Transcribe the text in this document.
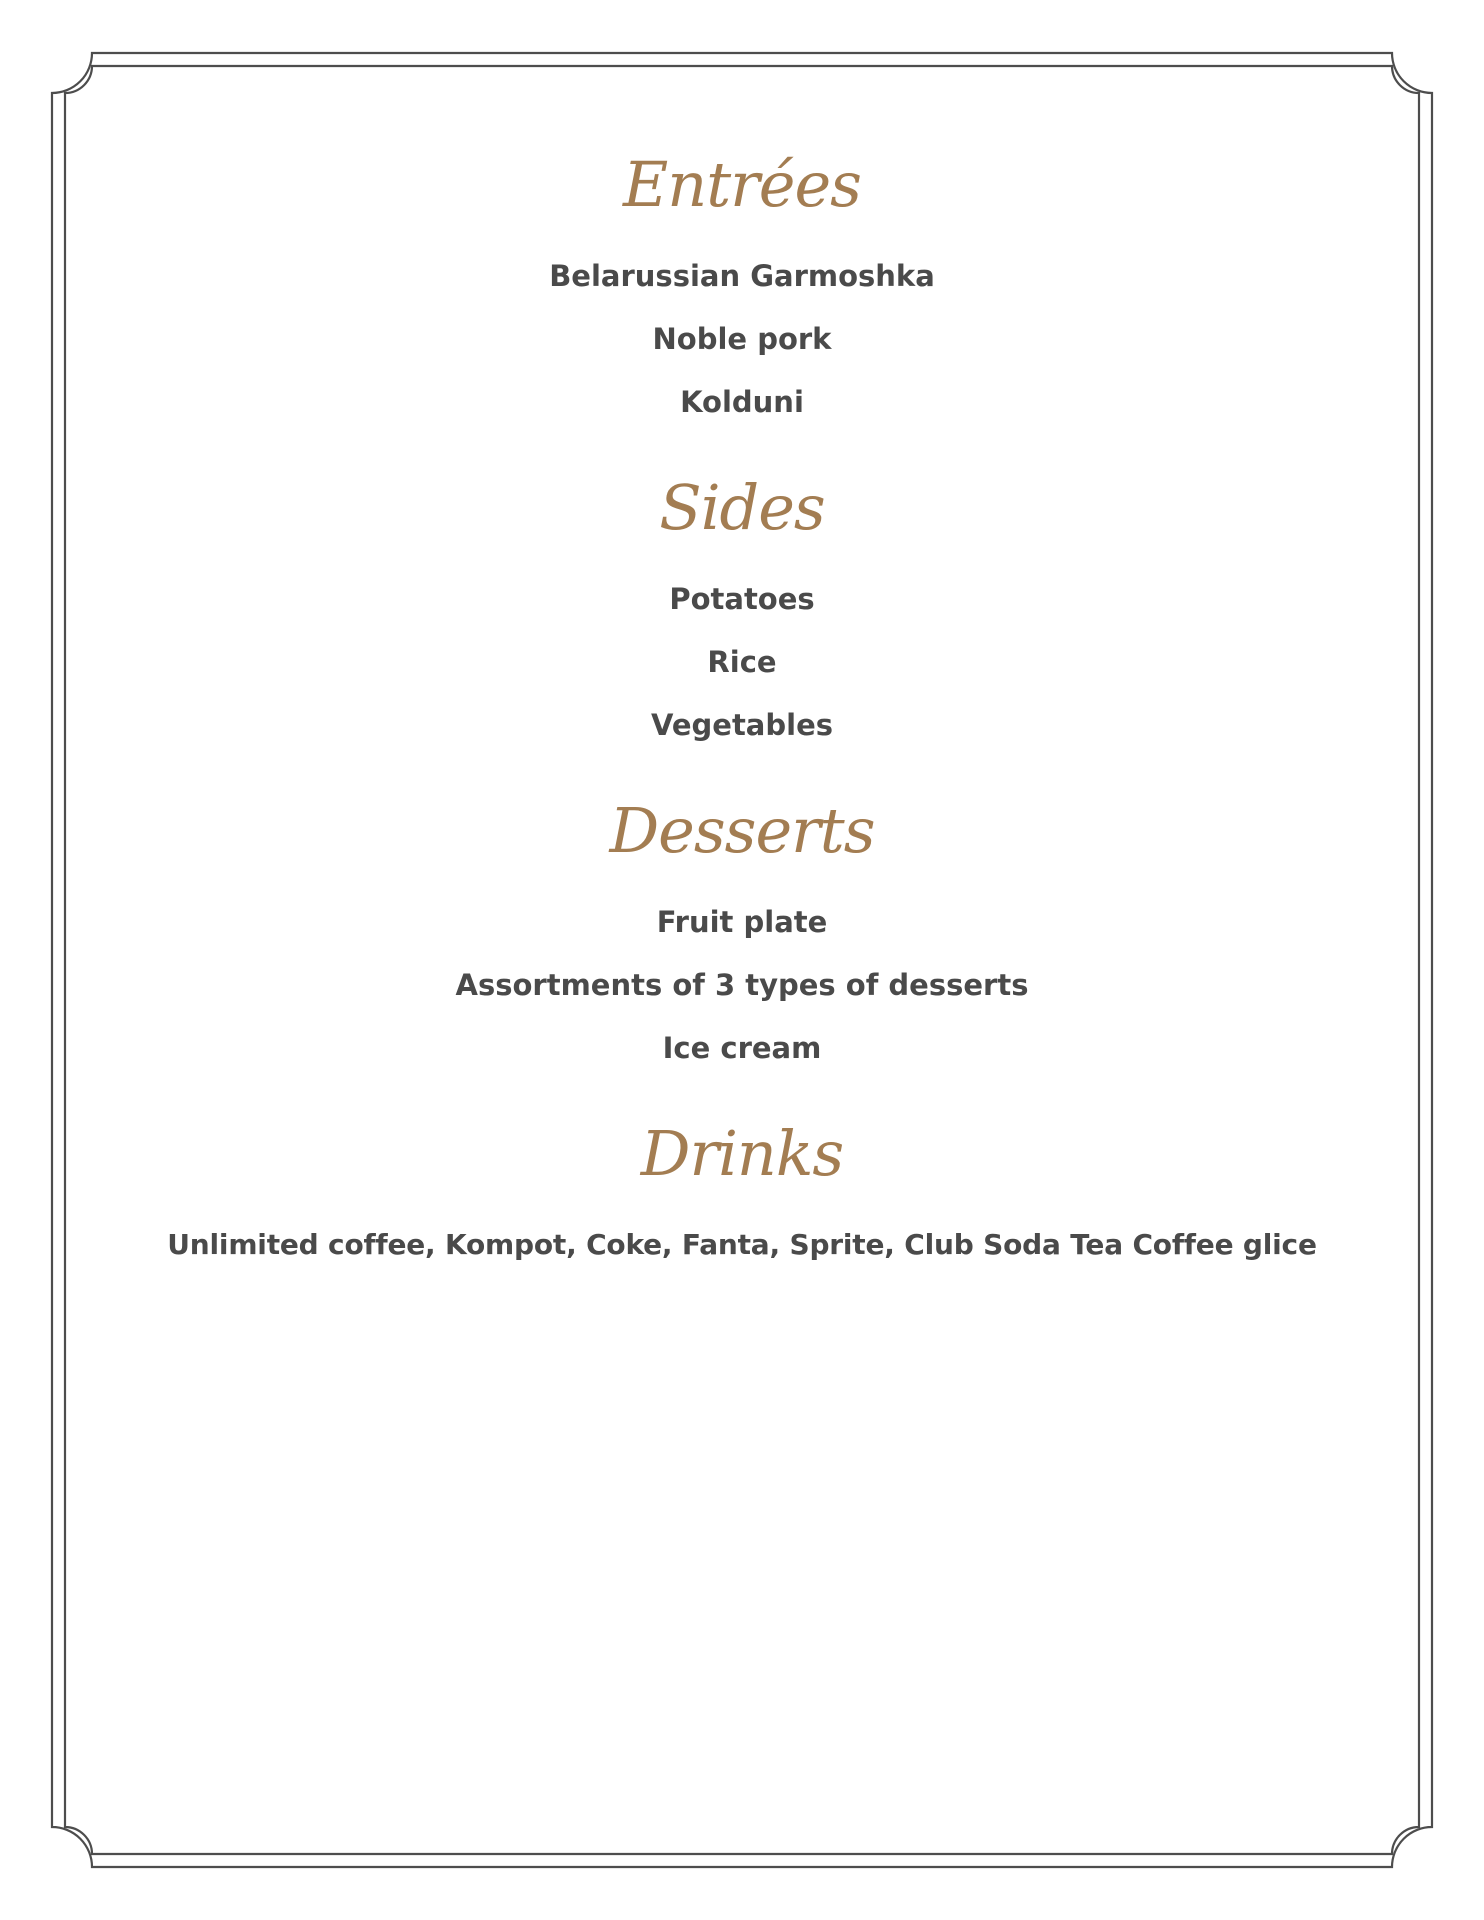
Entrées
Belarussian Garmoshka
Noble pork
Kolduni
Sides
Potatoes
Rice
Vegetables
Desserts
Fruit plate
Assortments of 3 types of desserts
Ice cream
Drinks
Unlimited coffee, Kompot, Coke, Fanta, Sprite, Club Soda Tea Coffee glice
